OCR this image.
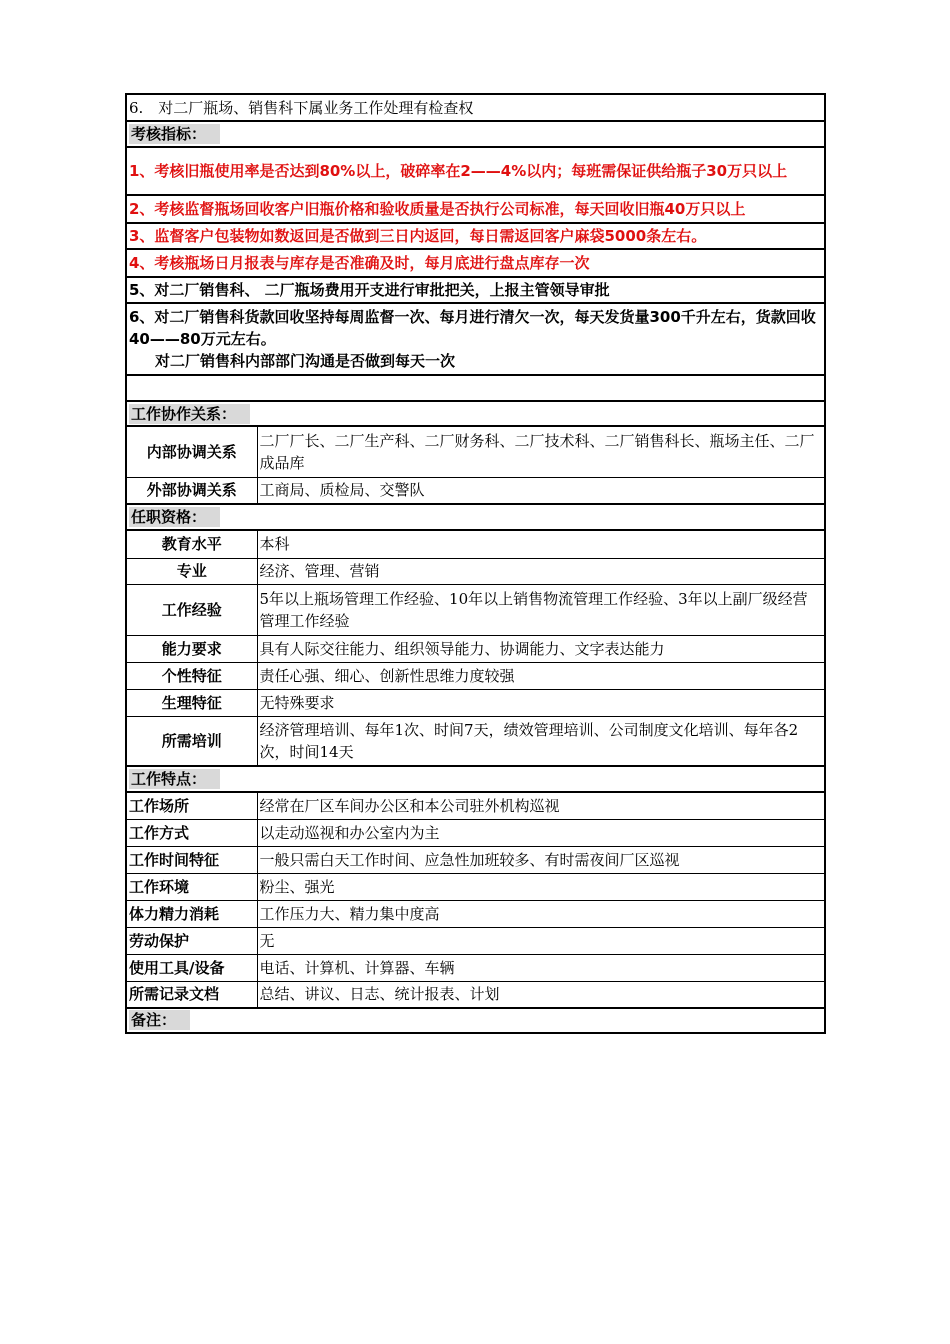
6.　对二厂瓶场、销售科下属业务工作处理有检查权	
考核指标：	
1、考核旧瓶使用率是否达到80%以上，破碎率在2——4%以内；每班需保证供给瓶子30万只以上	
2、考核监督瓶场回收客户旧瓶价格和验收质量是否执行公司标准，每天回收旧瓶40万只以上	
3、监督客户包装物如数返回是否做到三日内返回，每日需返回客户麻袋5000条左右。	
4、考核瓶场日月报表与库存是否准确及时，每月底进行盘点库存一次	
5、对二厂销售科、 二厂瓶场费用开支进行审批把关，上报主管领导审批	

6、对二厂销售科货款回收坚持每周监督一次、每月进行清欠一次，每天发货量300千升左右，货款回收40——80万元左右。
对二厂销售科内部部门沟通是否做到每天一次	

工作协作关系：	
内部协调关系	二厂厂长、二厂生产科、二厂财务科、二厂技术科、二厂销售科长、瓶场主任、二厂成品库
外部协调关系	工商局、质检局、交警队
任职资格：	
教育水平	本科
专业	经济、管理、营销
工作经验	5年以上瓶场管理工作经验、10年以上销售物流管理工作经验、3年以上副厂级经营管理工作经验
能力要求	具有人际交往能力、组织领导能力、协调能力、文字表达能力
个性特征	责任心强、细心、创新性思维力度较强
生理特征	无特殊要求
所需培训	经济管理培训、每年1次、时间7天，绩效管理培训、公司制度文化培训、每年各2次，时间14天
工作特点：	
工作场所	经常在厂区车间办公区和本公司驻外机构巡视
工作方式	以走动巡视和办公室内为主
工作时间特征	一般只需白天工作时间、应急性加班较多、有时需夜间厂区巡视
工作环境	粉尘、强光
体力精力消耗	工作压力大、精力集中度高
劳动保护	无
使用工具/设备	电话、计算机、计算器、车辆
所需记录文档	总结、讲议、日志、统计报表、计划
备注：	
